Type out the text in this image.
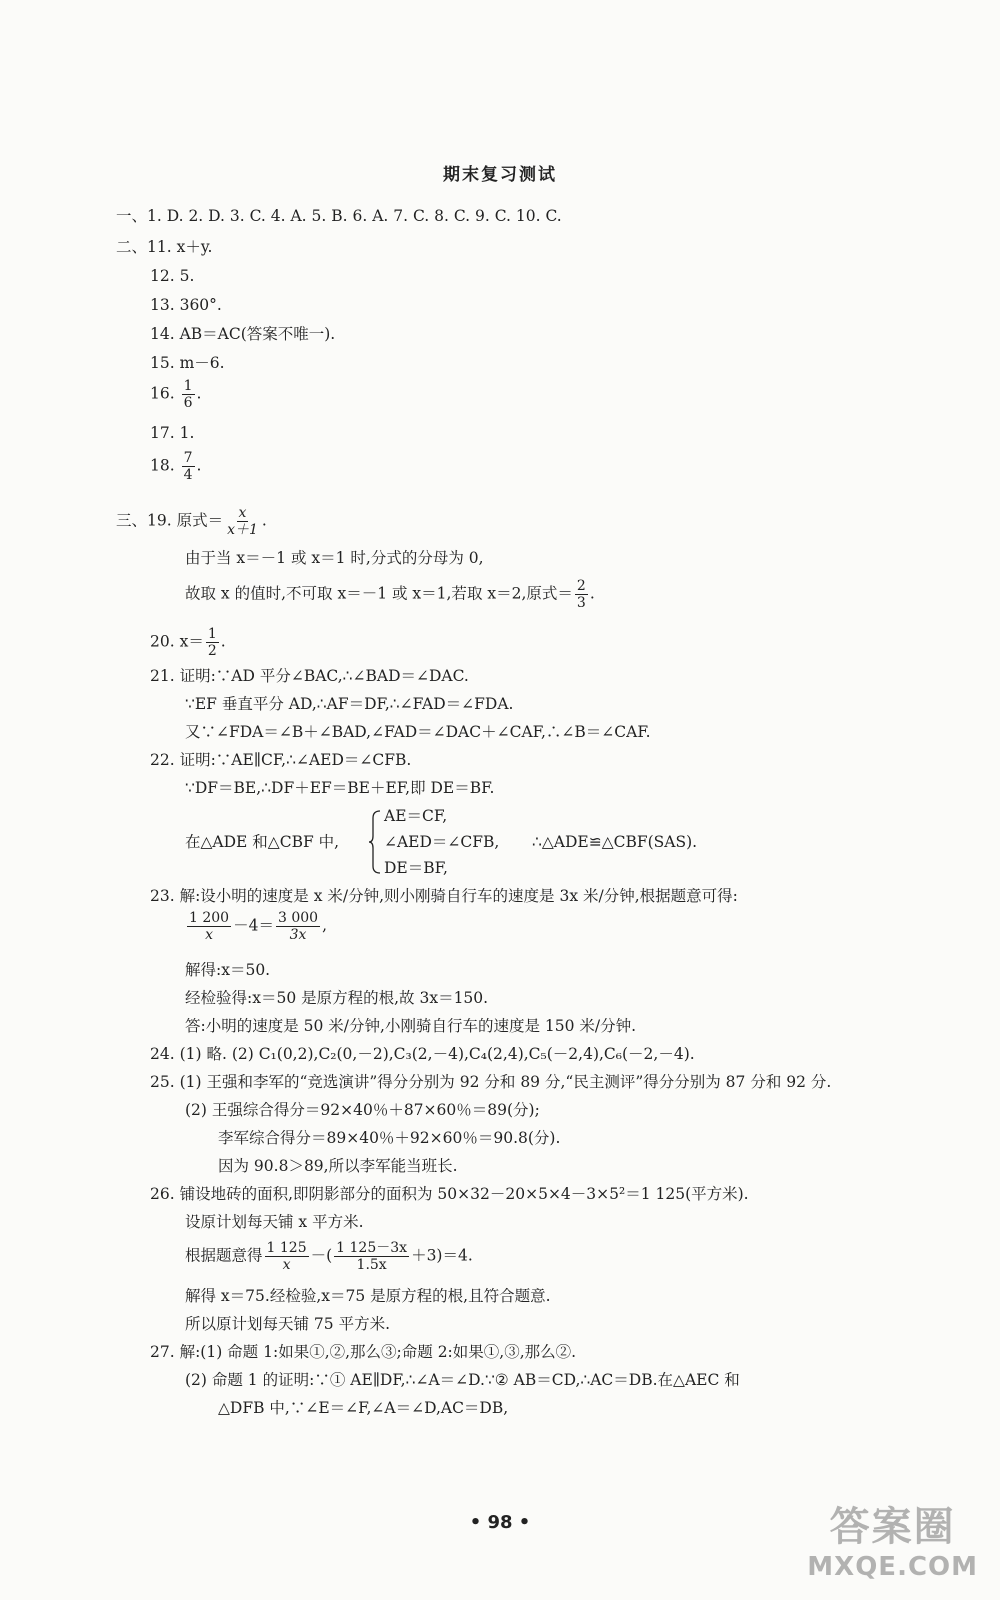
期末复习测试
一、1. D. 2. D. 3. C. 4. A. 5. B. 6. A. 7. C. 8. C. 9. C. 10. C.
二、11. x＋y.
12. 5.
13. 360°.
14. AB＝AC(答案不唯一).
15. m－6.
16. $\frac{1}{6}$ .
17. 1.
18. $\frac{7}{4}$ .
三、19. 原式＝ $\frac{x}{x+1}$ .
由于当 x＝－1 或 x＝1 时,分式的分母为 0,
故取 x 的值时,不可取 x＝－1 或 x＝1,若取 x＝2,原式＝ $\frac{2}{3}$ .
20. $x= \frac{1}{2}$ .
21. 证明:∵AD 平分∠BAC,∴∠BAD＝∠DAC.
∵EF 垂直平分 AD,∴AF＝DF,∴∠FAD＝∠FDA.
又∵∠FDA＝∠B＋∠BAD,∠FAD＝∠DAC＋∠CAF,∴∠B＝∠CAF.
22. 证明:∵AE∥CF,∴∠AED＝∠CFB.
∵DF＝BE,∴DF＋EF＝BE＋EF,即 DE＝BF.
AE＝CF,
在△ADE 和△CBF 中,	∠AED＝∠CFB, ∴△ADE≌△CBF(SAS).
DE＝BF,
23. 解:设小明的速度是 x 米/分钟,则小刚骑自行车的速度是 3x 米/分钟,根据题意可得:
$\frac{1 200}{x} -4= \frac{3 000}{3x}$ ,
解得:x＝50.
经检验得:x＝50 是原方程的根,故 3x＝150.
答:小明的速度是 50 米/分钟,小刚骑自行车的速度是 150 米/分钟.
24. (1) 略. (2) C₁(0,2),C₂(0,－2),C₃(2,－4),C₄(2,4),C₅(－2,4),C₆(－2,－4).
25. (1) 王强和李军的“竞选演讲”得分分别为 92 分和 89 分,“民主测评”得分分别为 87 分和 92 分.
(2) 王强综合得分＝92×40％＋87×60％＝89(分);
李军综合得分＝89×40％＋92×60％＝90.8(分).
因为 90.8＞89,所以李军能当班长.
26. 铺设地砖的面积,即阴影部分的面积为 50×32－20×5×4－3×5²＝1 125(平方米).
设原计划每天铺 x 平方米.
根据题意得 $\frac{1 125}{x}$ －( $\frac{1 125-3x}{1.5x} +3)=4$.
解得 x＝75.经检验,x＝75 是原方程的根,且符合题意.
所以原计划每天铺 75 平方米.
27. 解:(1) 命题 1:如果①,②,那么③;命题 2:如果①,③,那么②.
(2) 命题 1 的证明:∵① AE∥DF,∴∠A＝∠D.∵② AB＝CD,∴AC＝DB.在△AEC 和
△DFB 中,∵∠E＝∠F,∠A＝∠D,AC＝DB,
• 98 •	答案圈
MXQE.COM
